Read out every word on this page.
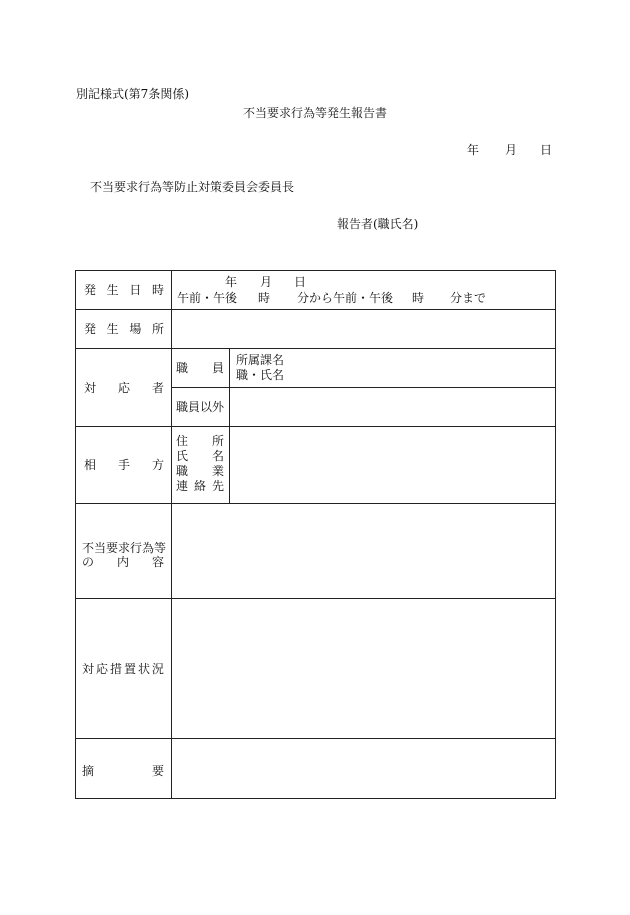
別記様式(第7条関係)
不当要求行為等発生報告書
年 月 日
不当要求行為等防止対策委員会委員長
報告者(職氏名)
発 生 日 時
年 月 日
午前・午後 時 分から午前・午後 時 分まで
発 生 場 所
対 応 者
職 員
所属課名
職・氏名
職員以外
相 手 方
住 所
氏 名
職 業
連 絡 先
不当要求行為等
の 内 容
対 応 措 置 状 況
摘	要
